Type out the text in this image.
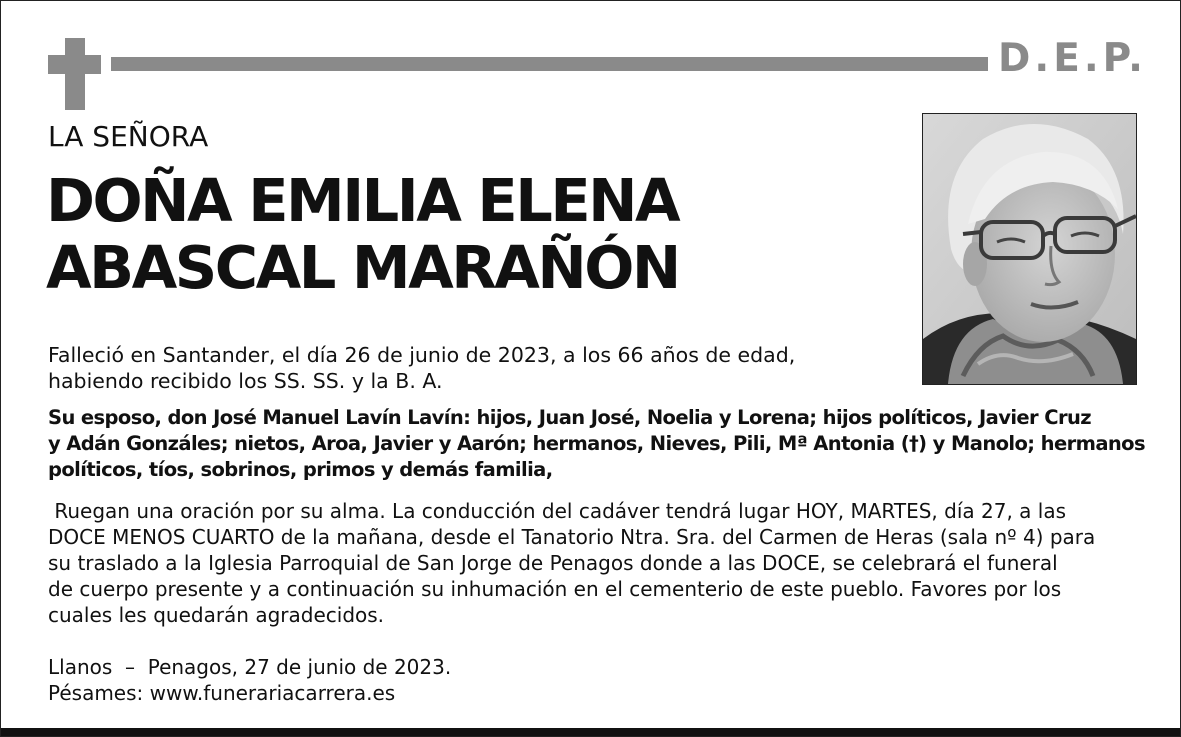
D.E.P.
LA SEÑORA
DOÑA EMILIA ELENA
ABASCAL MARAÑÓN
Falleció en Santander, el día 26 de junio de 2023, a los 66 años de edad,
habiendo recibido los SS. SS. y la B. A.
Su esposo, don José Manuel Lavín Lavín: hijos, Juan José, Noelia y Lorena; hijos políticos, Javier Cruz
y Adán Gonzáles; nietos, Aroa, Javier y Aarón; hermanos, Nieves, Pili, Mª Antonia (†) y Manolo; hermanos
políticos, tíos, sobrinos, primos y demás familia,
Ruegan una oración por su alma. La conducción del cadáver tendrá lugar HOY, MARTES, día 27, a las
DOCE MENOS CUARTO de la mañana, desde el Tanatorio Ntra. Sra. del Carmen de Heras (sala nº 4) para
su traslado a la Iglesia Parroquial de San Jorge de Penagos donde a las DOCE, se celebrará el funeral
de cuerpo presente y a continuación su inhumación en el cementerio de este pueblo. Favores por los
cuales les quedarán agradecidos.
Llanos  –  Penagos, 27 de junio de 2023.
Pésames: www.funerariacarrera.es
